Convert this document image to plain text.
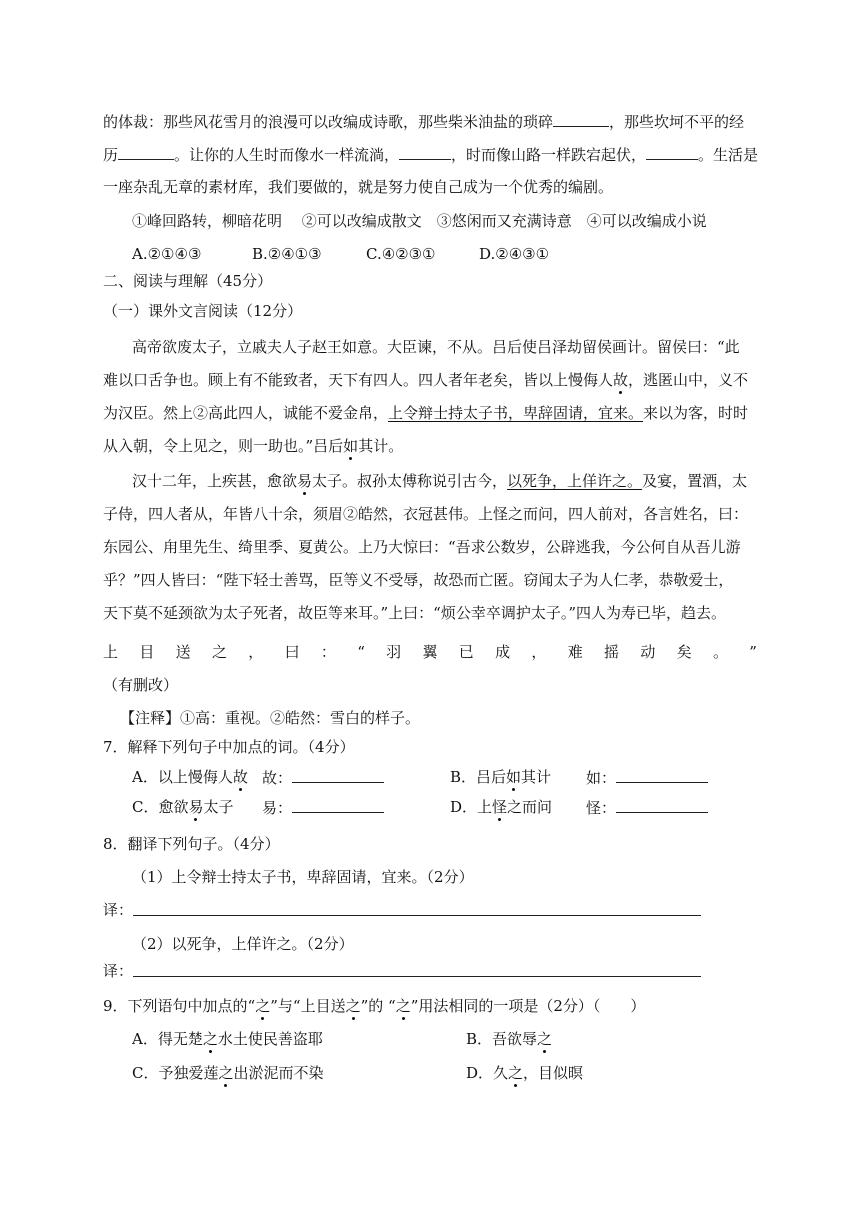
的体裁：那些风花雪月的浪漫可以改编成诗歌，那些柴米油盐的琐碎	，那些坎坷不平的经
历	。让你的人生时而像水一样流淌，	，时而像山路一样跌宕起伏，	。生活是
一座杂乱无章的素材库，我们要做的，就是努力使自己成为一个优秀的编剧。
①峰回路转，柳暗花明　 ②可以改编成散文　③悠闲而又充满诗意　④可以改编成小说
A.②①④③	B.②④①③	C.④②③①	D.②④③①
二、阅读与理解（45分）
（一）课外文言阅读（12分）
高帝欲废太子，立戚夫人子赵王如意。大臣谏，不从。吕后使吕泽劫留侯画计。留侯曰：“此
难以口舌争也。顾上有不能致者，天下有四人。四人者年老矣，皆以上慢侮人故，逃匿山中，义不
为汉臣。然上②高此四人，诚能不爱金帛，上令辩士持太子书，卑辞固请，宜来。来以为客，时时
从入朝，令上见之，则一助也。”吕后如其计。
汉十二年，上疾甚，愈欲易太子。叔孙太傅称说引古今，以死争，上佯许之。及宴，置酒，太
子侍，四人者从，年皆八十余，须眉②皓然，衣冠甚伟。上怪之而问，四人前对，各言姓名，曰：
东园公、甪里先生、绮里季、夏黄公。上乃大惊曰：“吾求公数岁，公辟逃我，今公何自从吾儿游
乎？”四人皆曰：“陛下轻士善骂，臣等义不受辱，故恐而亡匿。窃闻太子为人仁孝，恭敬爱士，
天下莫不延颈欲为太子死者，故臣等来耳。”上曰：“烦公幸卒调护太子。”四人为寿已毕，趋去。
上 目 送 之 ， 曰 ： “ 羽 翼 已 成 ， 难 摇 动 矣 。 ”
（有删改）
【注释】①高：重视。②皓然：雪白的样子。
7．解释下列句子中加点的词。（4分）
A．以上慢侮人故 故：	B．吕后如其计 如：
C．愈欲易太子 易：	D．上怪之而问 怪：
8．翻译下列句子。（4分）
（1）上令辩士持太子书，卑辞固请，宜来。（2分）
译：
（2）以死争，上佯许之。（2分）
译：
9．下列语句中加点的“之”与“上目送之”的 “之”用法相同的一项是（2分）（　　）
A．得无楚之水土使民善盗耶	B．吾欲辱之
C．予独爱莲之出淤泥而不染	D．久之，目似暝
